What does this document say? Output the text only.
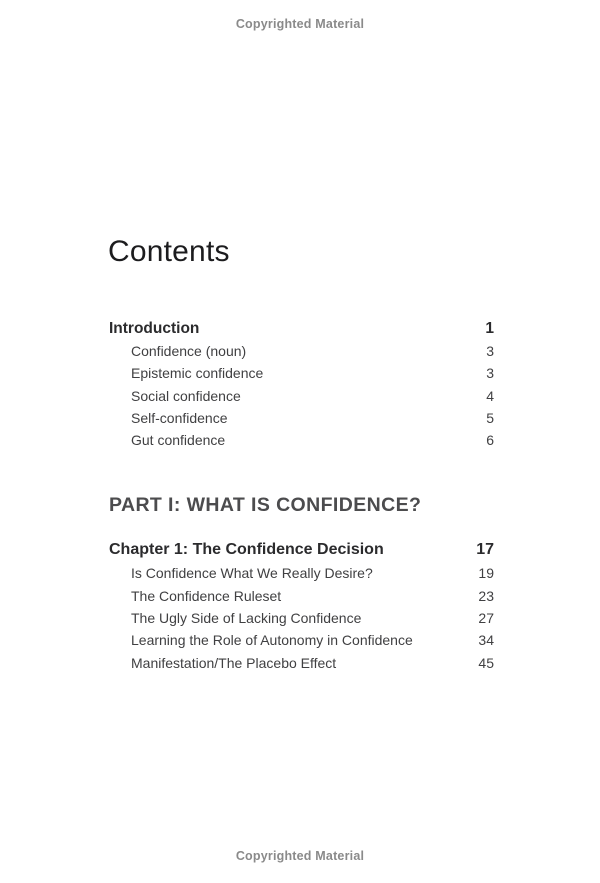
Copyrighted Material
Contents
Introduction	1
Confidence (noun)	3
Epistemic confidence	3
Social confidence	4
Self-confidence	5
Gut confidence	6
PART I: WHAT IS CONFIDENCE?
Chapter 1: The Confidence Decision	17
Is Confidence What We Really Desire?	19
The Confidence Ruleset	23
The Ugly Side of Lacking Confidence	27
Learning the Role of Autonomy in Confidence	34
Manifestation/The Placebo Effect	45
Copyrighted Material
